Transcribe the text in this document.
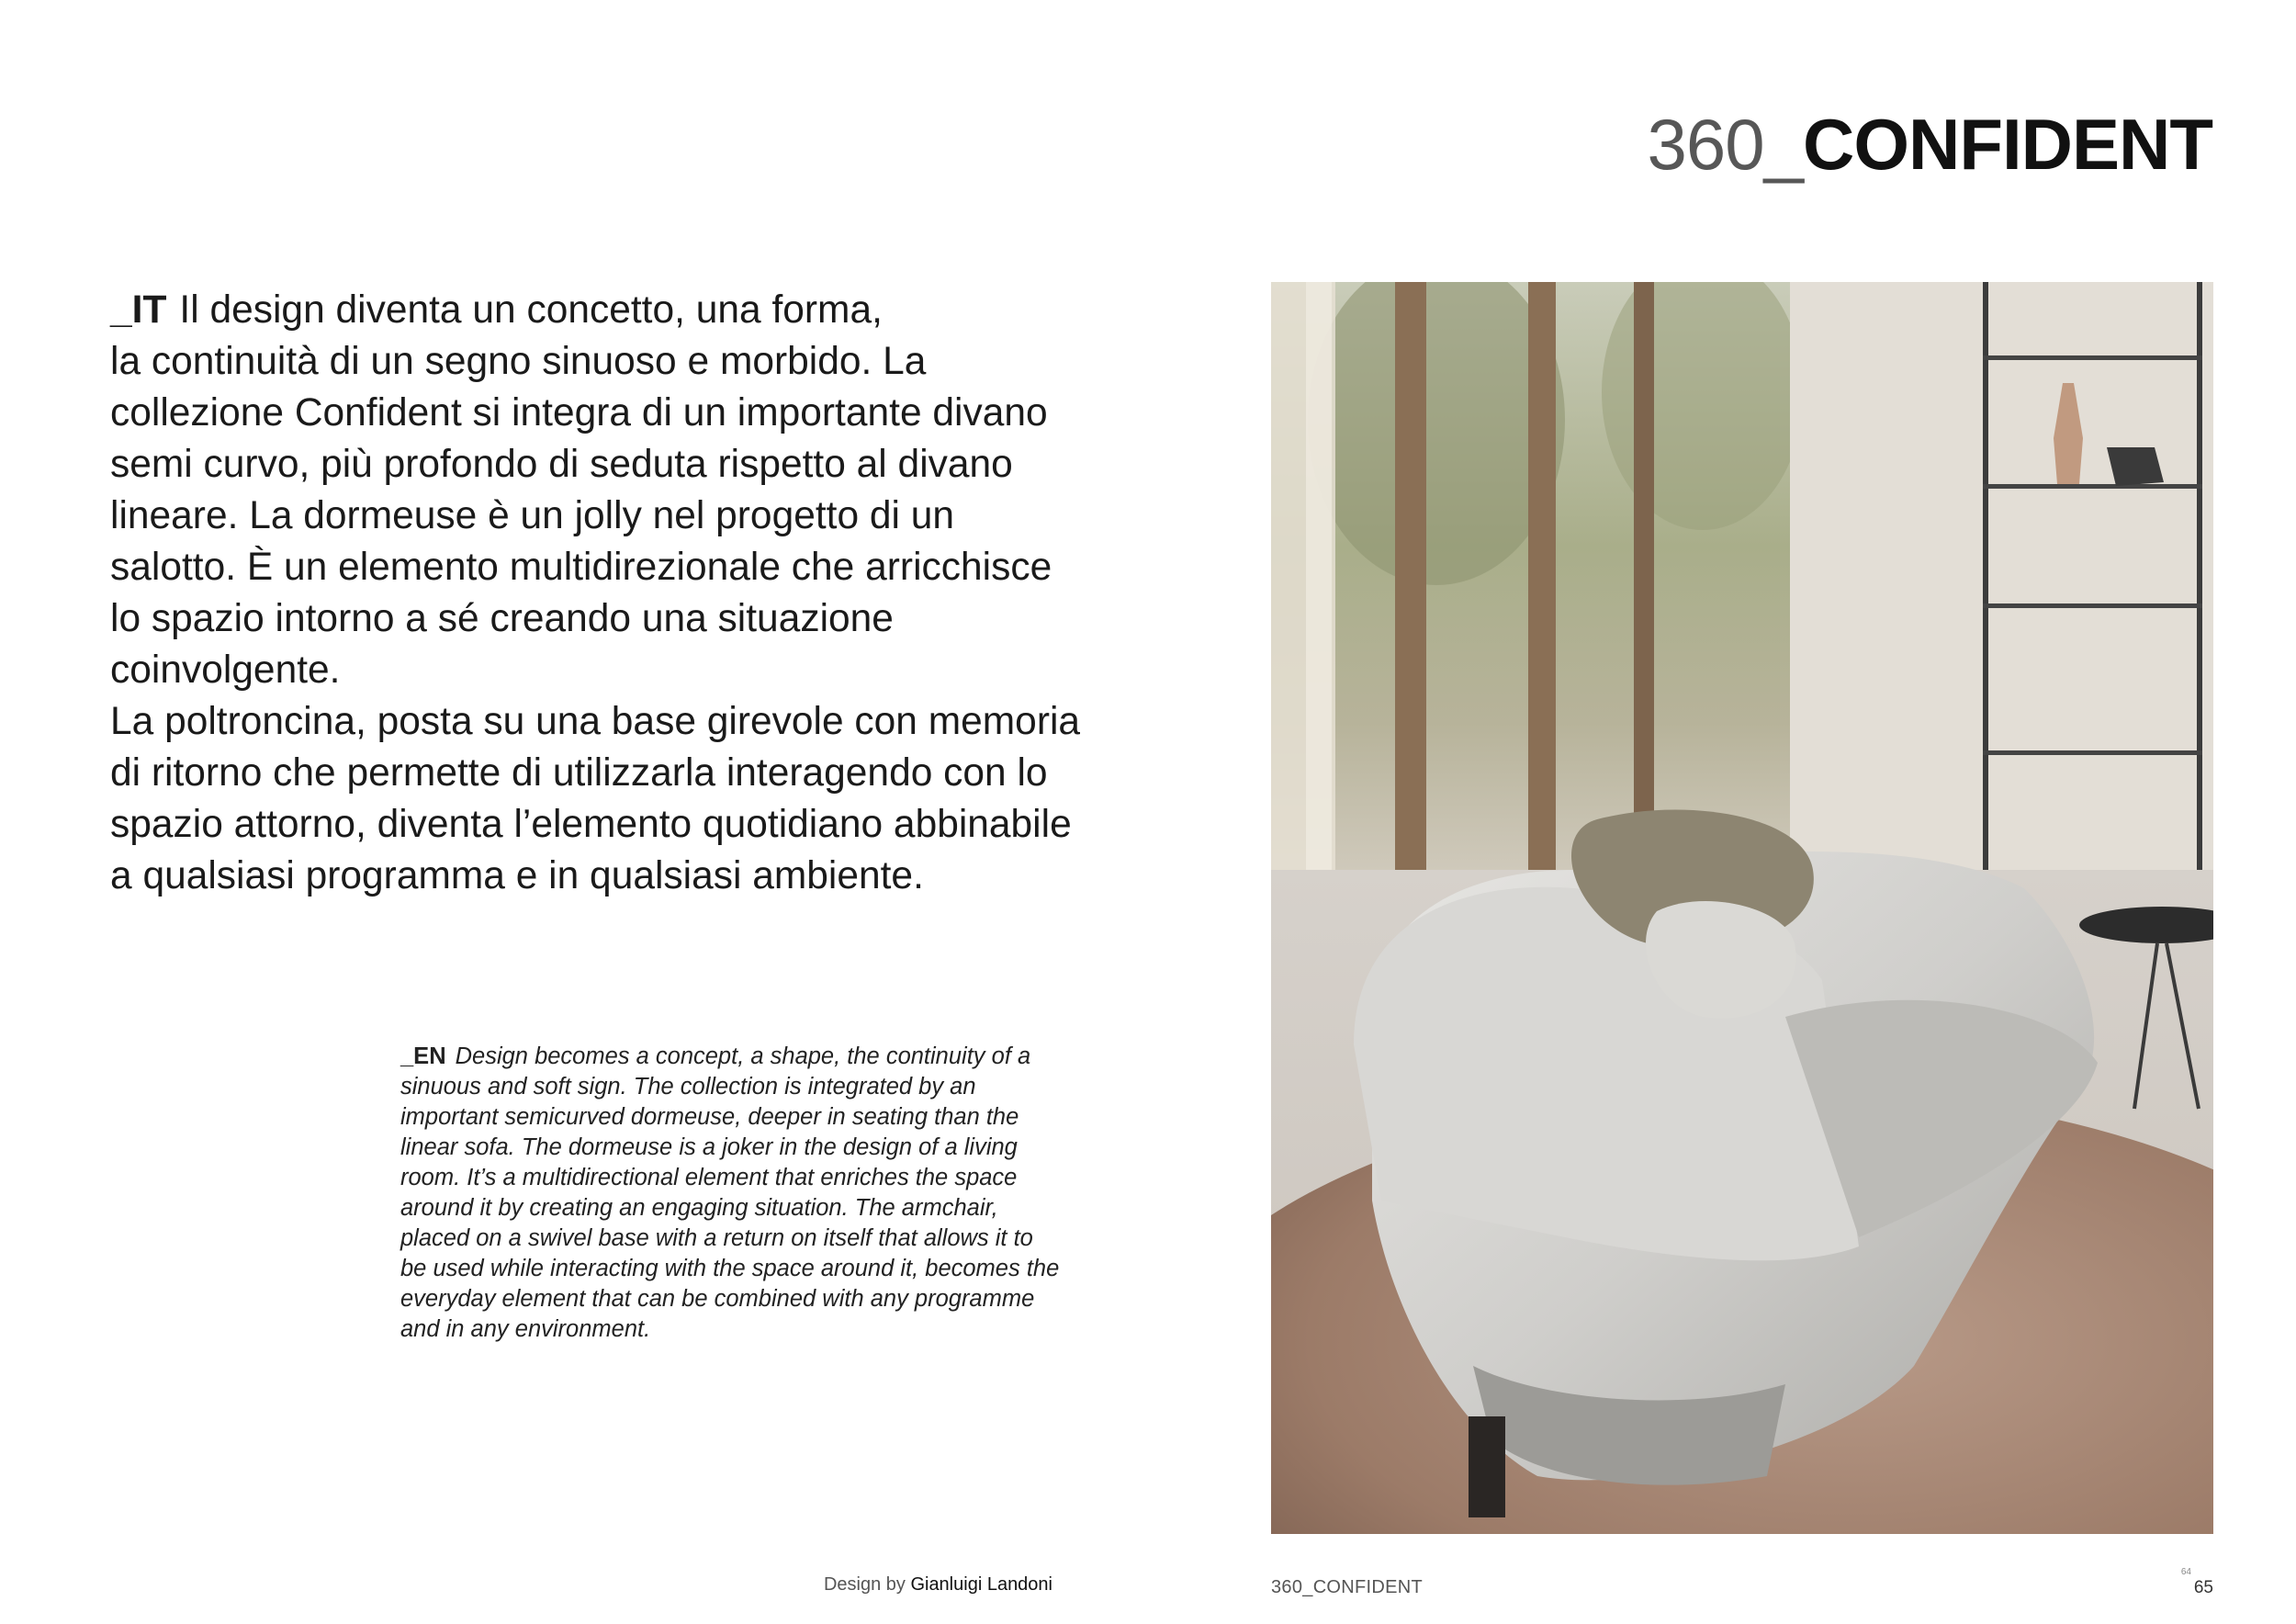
360_CONFIDENT
_IT Il design diventa un concetto, una forma,
la continuità di un segno sinuoso e morbido. La collezione Confident si integra di un importante divano semi curvo, più profondo di seduta rispetto al divano lineare. La dormeuse è un jolly nel progetto di un salotto. È un elemento multidirezionale che arricchisce lo spazio intorno a sé creando una situazione coinvolgente.
La poltroncina, posta su una base girevole con memoria di ritorno che permette di utilizzarla interagendo con lo spazio attorno, diventa l’elemento quotidiano abbinabile a qualsiasi programma e in qualsiasi ambiente.
_EN Design becomes a concept, a shape, the continuity of a sinuous and soft sign. The collection is integrated by an important semicurved dormeuse, deeper in seating than the linear sofa. The dormeuse is a joker in the design of a living room. It’s a multidirectional element that enriches the space around it by creating an engaging situation. The armchair, placed on a swivel base with a return on itself that allows it to be used while interacting with the space around it, becomes the everyday element that can be combined with any programme and in any environment.
Design by Gianluigi Landoni	360_CONFIDENT
64
65
